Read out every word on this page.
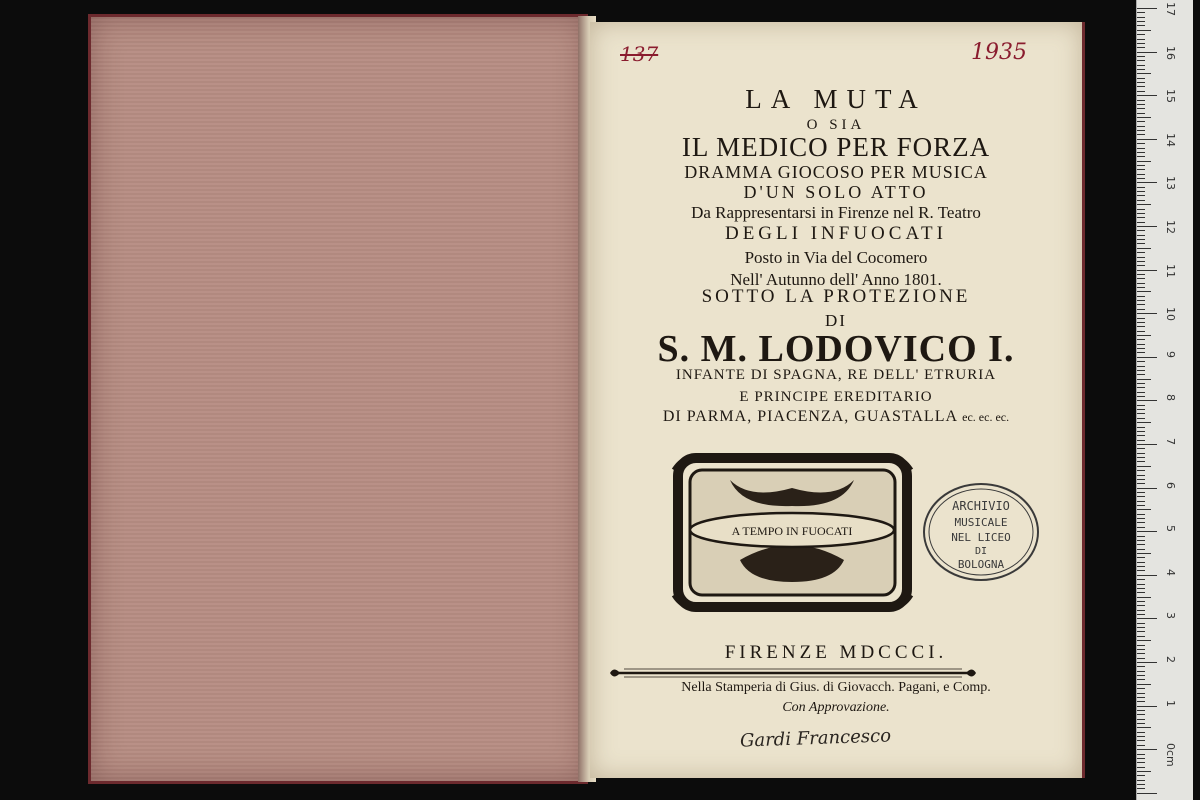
137	1935
LA MUTA
O SIA
IL MEDICO PER FORZA
DRAMMA GIOCOSO PER MUSICA
D'UN SOLO ATTO
Da Rappresentarsi in Firenze nel R. Teatro
DEGLI INFUOCATI
Posto in Via del Cocomero
Nell' Autunno dell' Anno 1801.
SOTTO LA PROTEZIONE
DI
S. M. LODOVICO I.
INFANTE DI SPAGNA, RE DELL' ETRURIA
E PRINCIPE EREDITARIO
DI PARMA, PIACENZA, GUASTALLA ec. ec. ec.
A TEMPO IN FUOCATI
ARCHIVIO
MUSICALE
NEL LICEO
DI
BOLOGNA
FIRENZE MDCCCI.
Nella Stamperia di Gius. di Giovacch. Pagani, e Comp.
Con Approvazione.
Gardi Francesco
17
16
15
14
13
12
11
10
9
8
7
6
5
4
3
2
1
0cm
